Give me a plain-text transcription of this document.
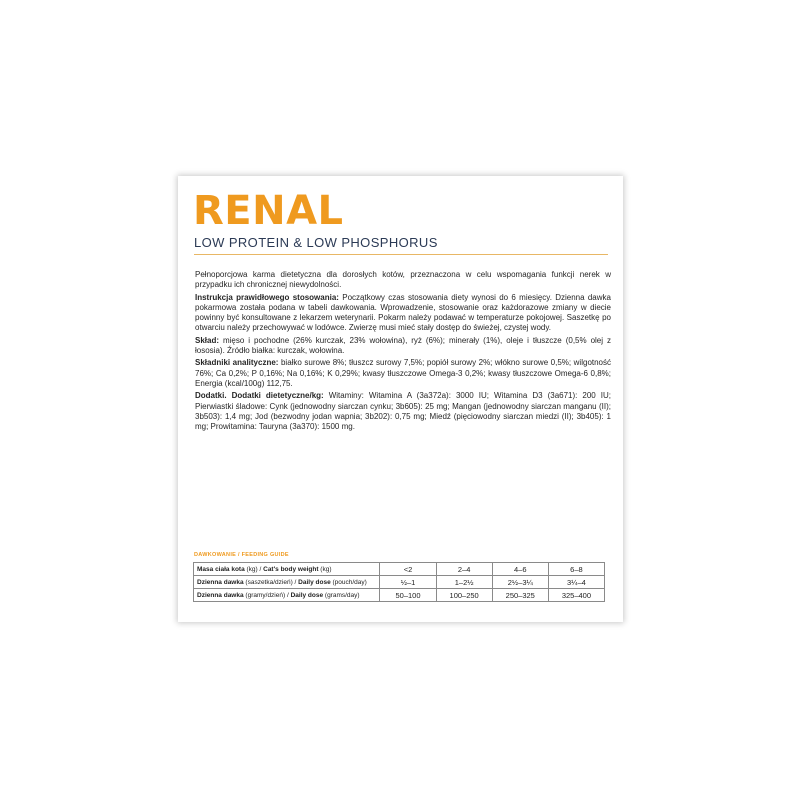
RENAL
LOW PROTEIN & LOW PHOSPHORUS

Pełnoporcjowa karma dietetyczna dla dorosłych kotów, przeznaczona w celu wspomagania funkcji nerek w przypadku ich chronicznej niewydolności.

Instrukcja prawidłowego stosowania: Początkowy czas stosowania diety wynosi do 6 miesięcy. Dzienna dawka pokarmowa została podana w tabeli dawkowania. Wprowadzenie, stosowanie oraz każdorazowe zmiany w diecie powinny być konsultowane z lekarzem weterynarii. Pokarm należy podawać w temperaturze pokojowej. Saszetkę po otwarciu należy przechowywać w lodówce. Zwierzę musi mieć stały dostęp do świeżej, czystej wody.

Skład: mięso i pochodne (26% kurczak, 23% wołowina), ryż (6%); minerały (1%), oleje i tłuszcze (0,5% olej z łososia). Źródło białka: kurczak, wołowina.

Składniki analityczne: białko surowe 8%; tłuszcz surowy 7,5%; popiół surowy 2%; włókno surowe 0,5%; wilgotność 76%; Ca 0,2%; P 0,16%; Na 0,16%; K 0,29%; kwasy tłuszczowe Omega-3 0,2%; kwasy tłuszczowe Omega-6 0,8%; Energia (kcal/100g) 112,75.

Dodatki. Dodatki dietetyczne/kg: Witaminy: Witamina A (3a372a): 3000 IU; Witamina D3 (3a671): 200 IU; Pierwiastki śladowe: Cynk (jednowodny siarczan cynku; 3b605): 25 mg; Mangan (jednowodny siarczan manganu (II); 3b503): 1,4 mg; Jod (bezwodny jodan wapnia; 3b202): 0,75 mg; Miedź (pięciowodny siarczan miedzi (II); 3b405): 1 mg; Prowitamina: Tauryna (3a370): 1500 mg.

DAWKOWANIE / FEEDING GUIDE
Masa ciała kota (kg) / Cat's body weight (kg)	<2	2–4	4–6	6–8
Dzienna dawka (saszetka/dzień) / Daily dose (pouch/day)	½–1	1–2½	2½–3¼	3¼–4
Dzienna dawka (gramy/dzień) / Daily dose (grams/day)	50–100	100–250	250–325	325–400
